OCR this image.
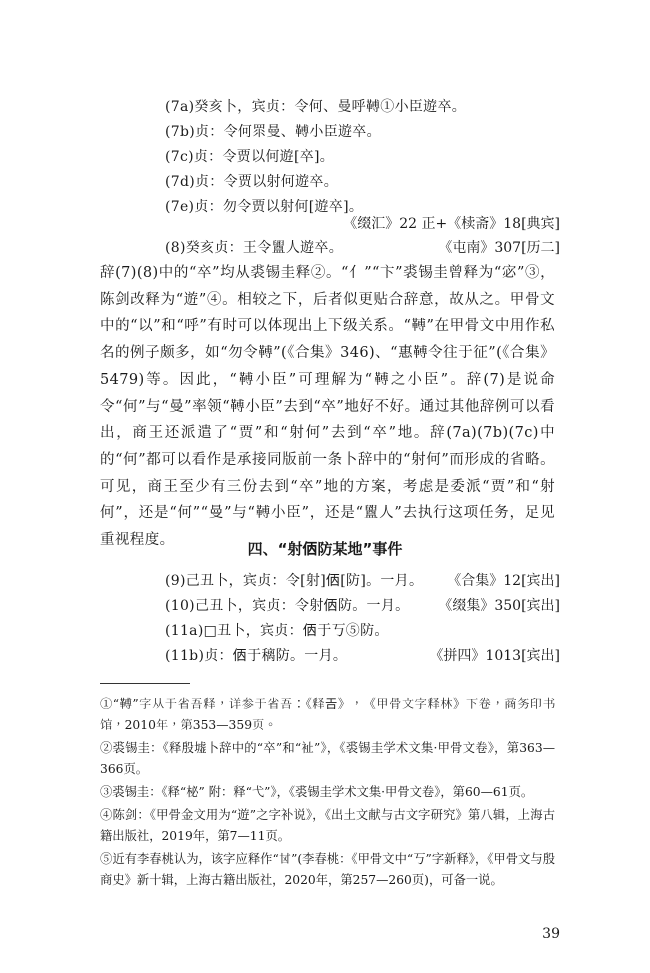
(7a)癸亥卜，宾贞：令何、曼呼𩌏①小臣遊卒。
(7b)贞：令何眔曼、𩌏小臣遊卒。
(7c)贞：令贾以何遊[卒]。
(7d)贞：令贾以射何遊卒。
(7e)贞：勿令贾以射何[遊卒]。
《缀汇》22 正+《椟斋》18[典宾]
(8)癸亥贞：王令𥃝人遊卒。	《屯南》307[历二]

辞(7)(8)中的“卒”均从裘锡圭释②。“亻”“卞”裘锡圭曾释为“宓”③，陈剑改释为“遊”④。相较之下，后者似更贴合辞意，故从之。甲骨文中的“以”和“呼”有时可以体现出上下级关系。“𩌏”在甲骨文中用作私名的例子颇多，如“勿令𩌏”(《合集》346)、“惠𩌏令往于征”(《合集》5479)等。因此，“𩌏小臣”可理解为“𩌏之小臣”。辞(7)是说命令“何”与“曼”率领“𩌏小臣”去到“卒”地好不好。通过其他辞例可以看出，商王还派遣了“贾”和“射何”去到“卒”地。辞(7a)(7b)(7c)中的“何”都可以看作是承接同版前一条卜辞中的“射何”而形成的省略。可见，商王至少有三份去到“卒”地的方案，考虑是委派“贾”和“射何”，还是“何”“曼”与“𩌏小臣”，还是“𥃝人”去执行这项任务，足见重视程度。	四、“射𠈇防某地”事件
(9)己丑卜，宾贞：令[射]𠈇[防]。一月。 《合集》12[宾出]
(10)己丑卜，宾贞：令射𠈇防。一月。 《缀集》350[宾出]
(11a)□丑卜，宾贞：𠈇于丂⑤防。
(11b)贞：𠈇于䅻防。一月。	《拼四》1013[宾出]

①“𩌏”字从于省吾释，详参于省吾：《释𢀛》，《甲骨文字释林》下卷，商务印书馆，2010年，第353—359页。

②裘锡圭：《释殷墟卜辞中的“卒”和“𧘲”》，《裘锡圭学术文集·甲骨文卷》，第363—366页。

③裘锡圭：《释“柲” 附：释“弋”》，《裘锡圭学术文集·甲骨文卷》，第60—61页。

④陈剑：《甲骨金文用为“遊”之字补说》，《出土文献与古文字研究》第八辑，上海古籍出版社，2019年，第7—11页。

⑤近有李春桃认为，该字应释作“𠀠”(李春桃：《甲骨文中“丂”字新释》，《甲骨文与殷商史》新十辑，上海古籍出版社，2020年，第257—260页)，可备一说。

39
